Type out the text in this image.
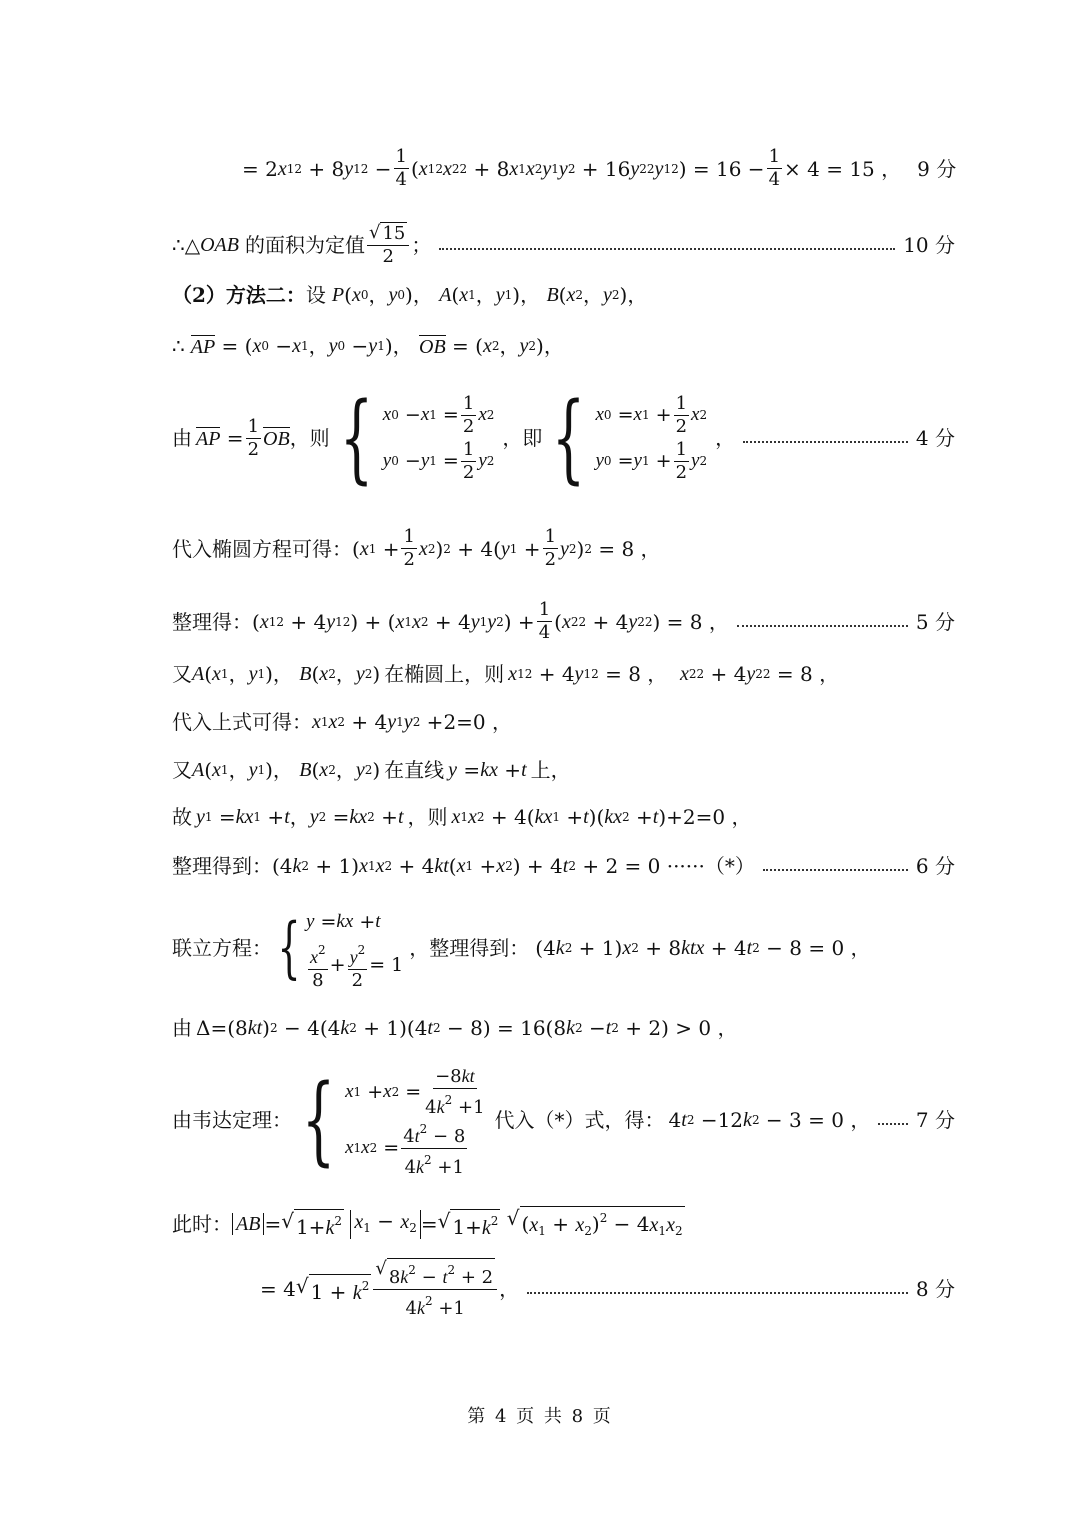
= 2 x 1 2 + 8 y 1 $2 - \frac{1}{4}$ ( x 1 2 x 2 2 + 8 x 1 x 2 y 1 y 2 + 16 y 2 2 y 1 2 ) = $16 - \frac{1}{4} \times 4 = 15$ ， 9 分
∴△ OAB 的面积为定值 $\frac{√ 15}{2}$ ；	10 分
（2）方法二： 设 P ( x 0 ， y 0 )， A ( x 1 ， y 1 )， B ( x 2 ， y 2 )，
∴ AP = ( x 0 − x 1 ， y 0 − y 1 )， OB = ( x 2 ， y 2 )，
由 AP = $\frac{1}{2}$ OB ，则 { x 0 − x $1 = \frac{1}{2}$ x 2
y 0 − y $1 = \frac{1}{2}$ y 2
，即 { x 0 = x $1 + \frac{1}{2}$ x 2
y 0 = y $1 + \frac{1}{2}$ y 2
，	4 分
代入椭圆方程可得： ( x $1 + \frac{1}{2}$ x 2 ) 2 + 4( y $1 + \frac{1}{2}$ y 2 ) 2 = 8 ，
整理得： ( x 1 2 + 4 y 1 2 ) + ( x 1 x 2 + 4 y 1 y 2 ) + $\frac{1}{4}$ ( x 2 2 + 4 y 2 2 ) = 8 ，	5 分
又 A ( x 1 ， y 1 )， B ( x 2 ， y 2 ) 在椭圆上，则 x 1 2 + 4 y 1 2 = 8 ， x 2 2 + 4 y 2 2 = 8 ，
代入上式可得： x 1 x 2 + 4 y 1 y 2 +2=0 ，
又 A ( x 1 ， y 1 )， B ( x 2 ， y 2 ) 在直线 y = kx + t 上，
故 y 1 = kx 1 + t ， y 2 = kx 2 + t ，则 x 1 x 2 + 4( kx 1 + t )( kx 2 + t )+2=0 ，
整理得到： (4 k 2 + 1) x 1 x 2 + 4 kt ( x 1 + x 2 ) + 4 t 2 + 2 = 0 ······ （*）	6 分
联立方程： { y = kx + t
$\frac{x^2}{8} + \frac{y^2}{2} = 1$
，整理得到： (4 k 2 + 1) x 2 + 8 ktx + 4 t 2 − 8 = 0 ，
由 Δ=(8 kt ) 2 − 4(4 k 2 + 1)(4 t 2 − 8) = 16(8 k 2 − t 2 + 2) > 0 ，
由韦达定理： { x 1 + x $2 = \frac{-8kt}{4k^2 +1}$
x 1 x $2 = \frac{4t^2 - 8}{4k^2 +1}$ 代入（*）式，得： 4 t 2 −12 k 2 − 3 = 0 ， 7 分
此时： AB = √ $1+k^2$
$x_1 - x_2$ = √ $1+k^2$
√ $(x_1 + x_2)^2 - 4x_1x_2$
= 4 √ $1 + k^2 \frac{√ 8k^2 - t^2 + 2}{4k^2 +1}$ ，	8 分
第 4 页 共 8 页
